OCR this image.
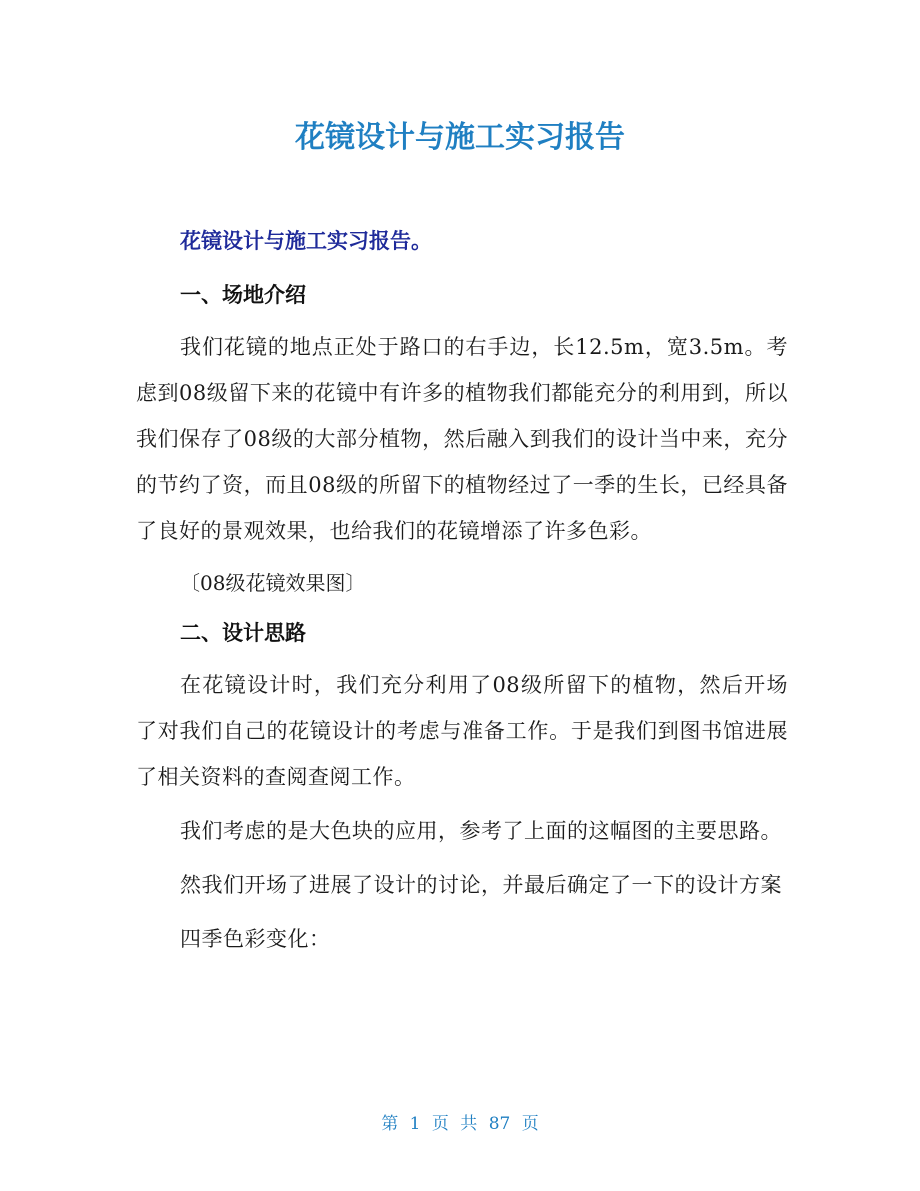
花镜设计与施工实习报告
花镜设计与施工实习报告。
一、场地介绍

我们花镜的地点正处于路口的右手边，长12.5m，宽3.5m。考虑到08级留下来的花镜中有许多的植物我们都能充分的利用到，所以我们保存了08级的大部分植物，然后融入到我们的设计当中来，充分的节约了资，而且08级的所留下的植物经过了一季的生长，已经具备了良好的景观效果，也给我们的花镜增添了许多色彩。

〔08级花镜效果图〕
二、设计思路

在花镜设计时，我们充分利用了08级所留下的植物，然后开场了对我们自己的花镜设计的考虑与准备工作。于是我们到图书馆进展了相关资料的查阅查阅工作。

我们考虑的是大色块的应用，参考了上面的这幅图的主要思路。

然我们开场了进展了设计的讨论，并最后确定了一下的设计方案

四季色彩变化：

第 1 页 共 87 页
